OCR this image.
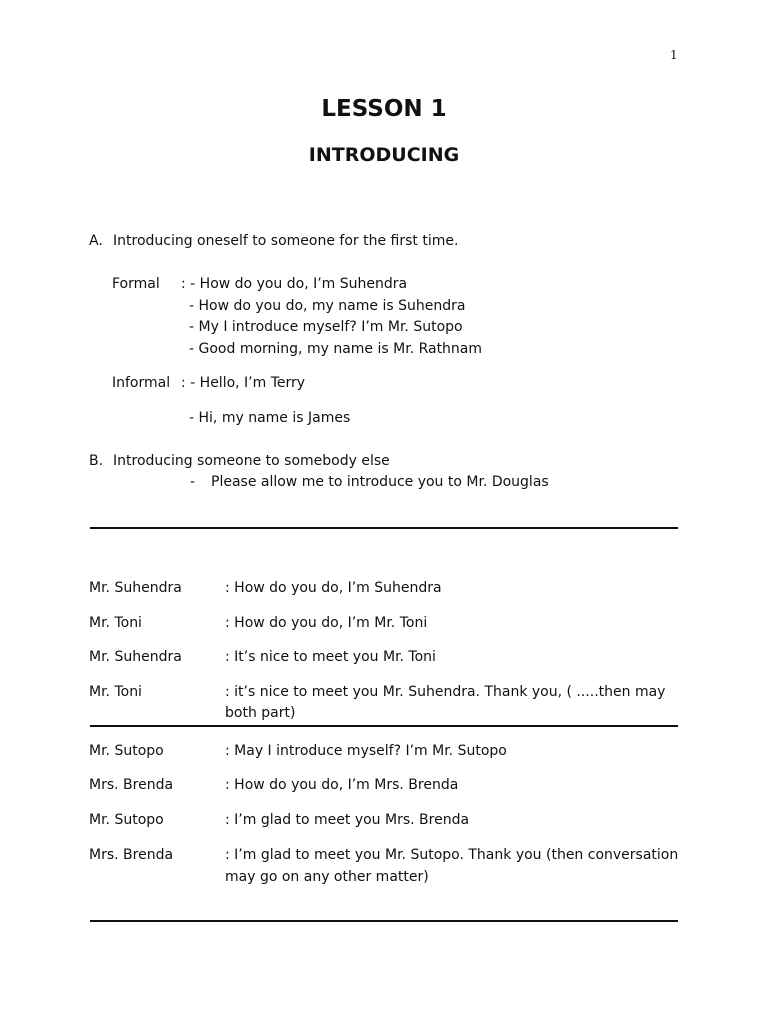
1
LESSON 1
INTRODUCING
A. Introducing oneself to someone for the first time.
Formal : - How do you do, I’m Suhendra
- How do you do, my name is Suhendra
- My I introduce myself? I’m Mr. Sutopo
- Good morning, my name is Mr. Rathnam
Informal : - Hello, I’m Terry
- Hi, my name is James
B. Introducing someone to somebody else
- Please allow me to introduce you to Mr. Douglas
Mr. Suhendra	: How do you do, I’m Suhendra
Mr. Toni	: How do you do, I’m Mr. Toni
Mr. Suhendra	: It’s nice to meet you Mr. Toni
Mr. Toni	: it’s nice to meet you Mr. Suhendra. Thank you, ( .....then may
both part)
Mr. Sutopo	: May I introduce myself? I’m Mr. Sutopo
Mrs. Brenda	: How do you do, I’m Mrs. Brenda
Mr. Sutopo	: I’m glad to meet you Mrs. Brenda
Mrs. Brenda	: I’m glad to meet you Mr. Sutopo. Thank you (then conversation
may go on any other matter)
